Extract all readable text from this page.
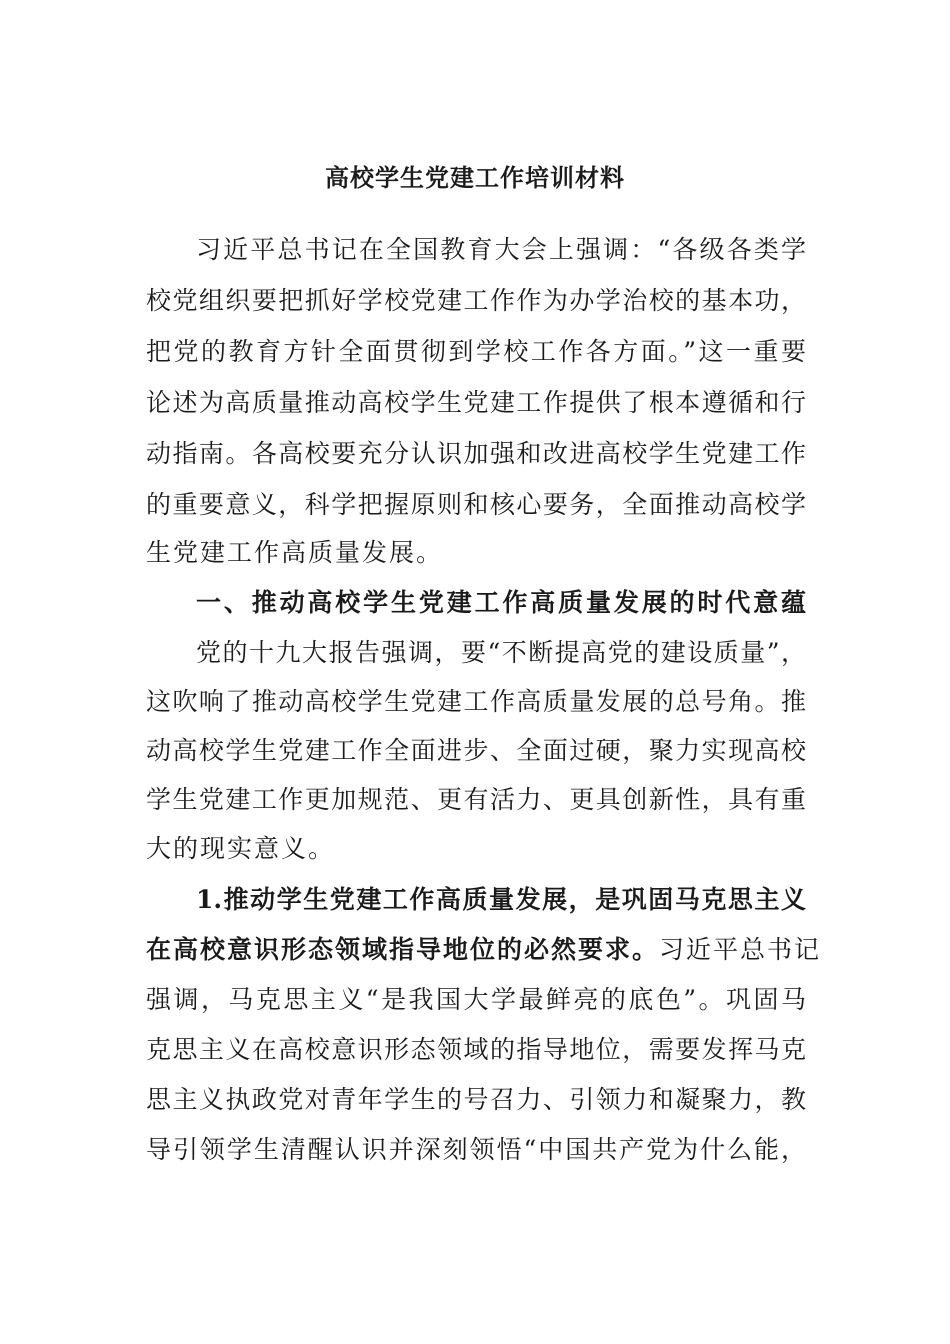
高校学生党建工作培训材料
习近平总书记在全国教育大会上强调：“各级各类学
校党组织要把抓好学校党建工作作为办学治校的基本功，
把党的教育方针全面贯彻到学校工作各方面。”这一重要
论述为高质量推动高校学生党建工作提供了根本遵循和行
动指南。各高校要充分认识加强和改进高校学生党建工作
的重要意义，科学把握原则和核心要务，全面推动高校学
生党建工作高质量发展。
一、推动高校学生党建工作高质量发展的时代意蕴
党的十九大报告强调，要“不断提高党的建设质量”，
这吹响了推动高校学生党建工作高质量发展的总号角。推
动高校学生党建工作全面进步、全面过硬，聚力实现高校
学生党建工作更加规范、更有活力、更具创新性，具有重
大的现实意义。
1.推动学生党建工作高质量发展，是巩固马克思主义
在高校意识形态领域指导地位的必然要求。 习近平总书记
强调，马克思主义“是我国大学最鲜亮的底色”。巩固马
克思主义在高校意识形态领域的指导地位，需要发挥马克
思主义执政党对青年学生的号召力、引领力和凝聚力，教
导引领学生清醒认识并深刻领悟“中国共产党为什么能，
